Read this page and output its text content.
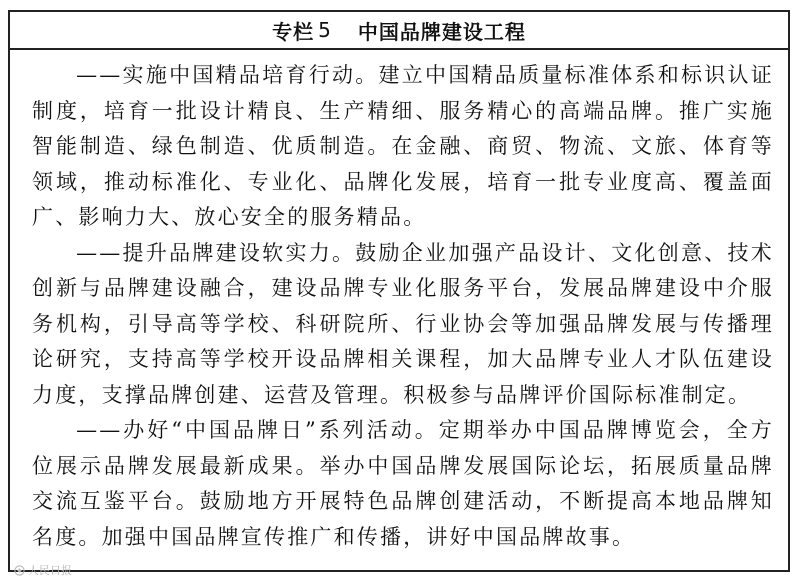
专栏 5 中国品牌建设工程

——实施中国精品培育行动。建立中国精品质量标准体系和标识认证制度，培育一批设计精良、生产精细、服务精心的高端品牌。推广实施智能制造、绿色制造、优质制造。在金融、商贸、物流、文旅、体育等领域，推动标准化、专业化、品牌化发展，培育一批专业度高、覆盖面广、影响力大、放心安全的服务精品。

——提升品牌建设软实力。鼓励企业加强产品设计、文化创意、技术创新与品牌建设融合，建设品牌专业化服务平台，发展品牌建设中介服务机构，引导高等学校、科研院所、行业协会等加强品牌发展与传播理论研究，支持高等学校开设品牌相关课程，加大品牌专业人才队伍建设力度，支撑品牌创建、运营及管理。积极参与品牌评价国际标准制定。

——办好“中国品牌日”系列活动。定期举办中国品牌博览会，全方位展示品牌发展最新成果。举办中国品牌发展国际论坛，拓展质量品牌交流互鉴平台。鼓励地方开展特色品牌创建活动，不断提高本地品牌知名度。加强中国品牌宣传推广和传播，讲好中国品牌故事。

人民日报
